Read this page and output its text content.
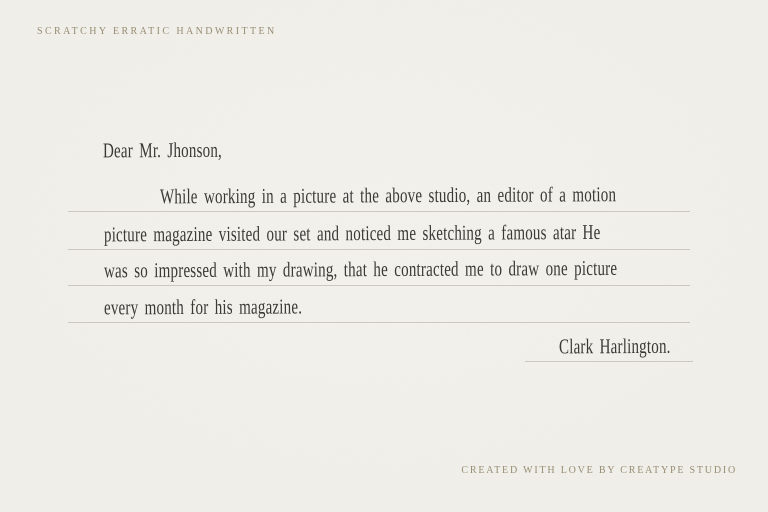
SCRATCHY ERRATIC HANDWRITTEN
Dear Mr. Jhonson,
While working in a picture at the above studio, an editor of a motion
picture magazine visited our set and noticed me sketching a famous atar He
was so impressed with my drawing, that he contracted me to draw one picture
every month for his magazine.
Clark Harlington.
CREATED WITH LOVE BY CREATYPE STUDIO
